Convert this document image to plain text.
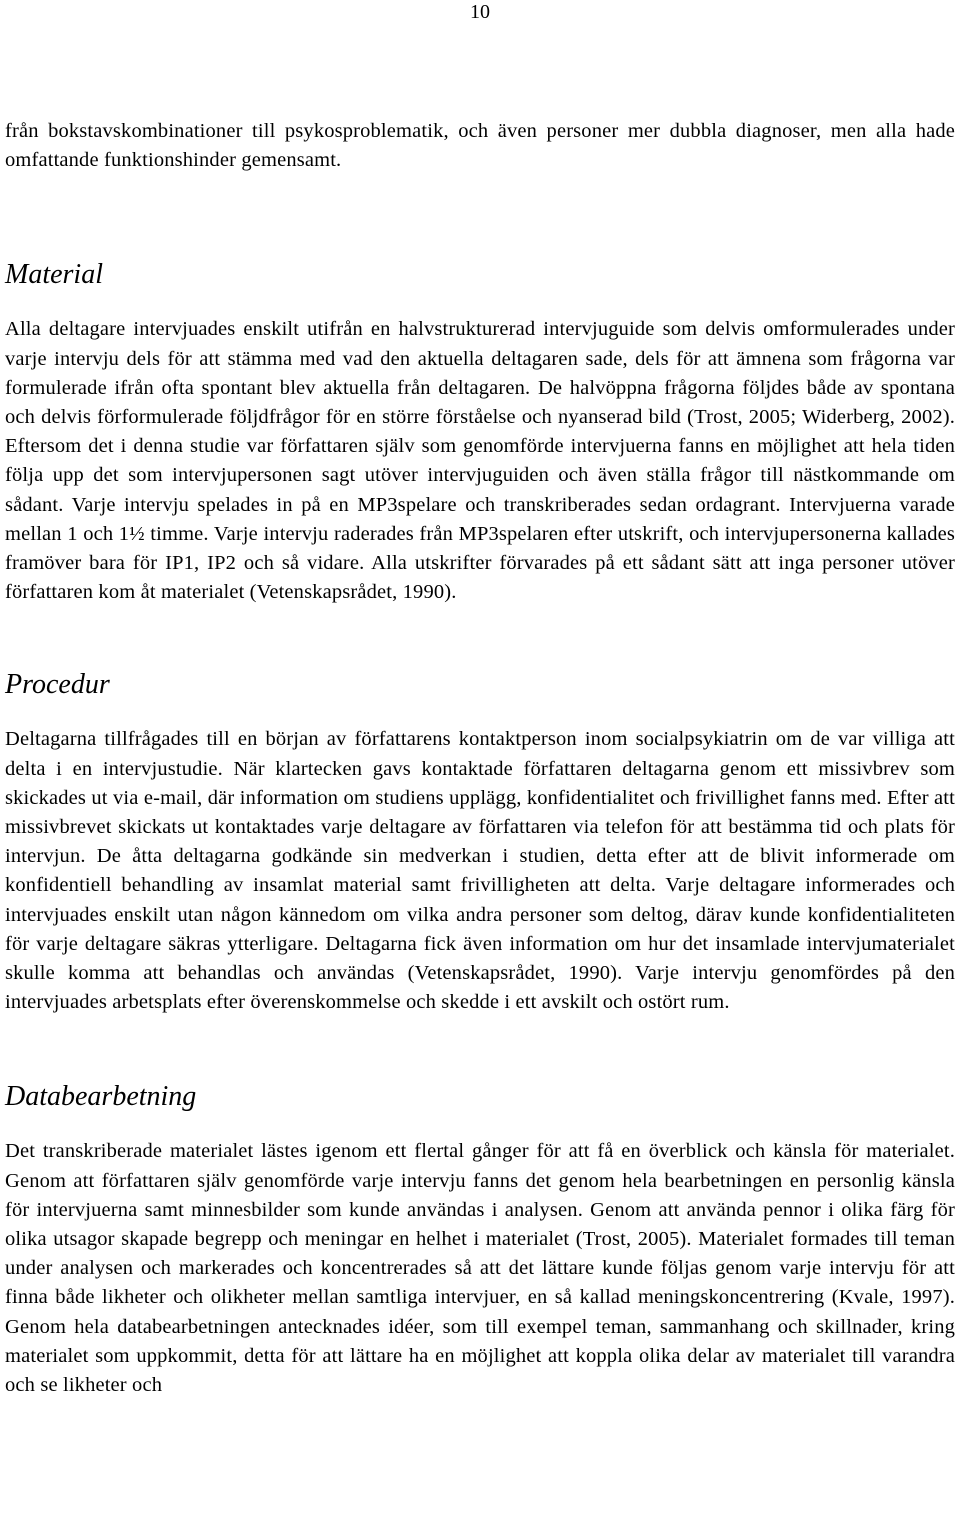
10

från bokstavskombinationer till psykosproblematik, och även personer mer dubbla diagnoser, men alla hade omfattande funktionshinder gemensamt.

Material

Alla deltagare intervjuades enskilt utifrån en halvstrukturerad intervjuguide som delvis omformulerades under varje intervju dels för att stämma med vad den aktuella deltagaren sade, dels för att ämnena som frågorna var formulerade ifrån ofta spontant blev aktuella från deltagaren. De halvöppna frågorna följdes både av spontana och delvis förformulerade följdfrågor för en större förståelse och nyanserad bild (Trost, 2005; Widerberg, 2002). Eftersom det i denna studie var författaren själv som genomförde intervjuerna fanns en möjlighet att hela tiden följa upp det som intervjupersonen sagt utöver intervjuguiden och även ställa frågor till nästkommande om sådant. Varje intervju spelades in på en MP3spelare och transkriberades sedan ordagrant. Intervjuerna varade mellan 1 och 1½ timme. Varje intervju raderades från MP3spelaren efter utskrift, och intervjupersonerna kallades framöver bara för IP1, IP2 och så vidare. Alla utskrifter förvarades på ett sådant sätt att inga personer utöver författaren kom åt materialet (Vetenskapsrådet, 1990).

Procedur

Deltagarna tillfrågades till en början av författarens kontaktperson inom socialpsykiatrin om de var villiga att delta i en intervjustudie. När klartecken gavs kontaktade författaren deltagarna genom ett missivbrev som skickades ut via e-mail, där information om studiens upplägg, konfidentialitet och frivillighet fanns med. Efter att missivbrevet skickats ut kontaktades varje deltagare av författaren via telefon för att bestämma tid och plats för intervjun. De åtta deltagarna godkände sin medverkan i studien, detta efter att de blivit informerade om konfidentiell behandling av insamlat material samt frivilligheten att delta. Varje deltagare informerades och intervjuades enskilt utan någon kännedom om vilka andra personer som deltog, därav kunde konfidentialiteten för varje deltagare säkras ytterligare. Deltagarna fick även information om hur det insamlade intervjumaterialet skulle komma att behandlas och användas (Vetenskapsrådet, 1990). Varje intervju genomfördes på den intervjuades arbetsplats efter överenskommelse och skedde i ett avskilt och ostört rum.

Databearbetning

Det transkriberade materialet lästes igenom ett flertal gånger för att få en överblick och känsla för materialet. Genom att författaren själv genomförde varje intervju fanns det genom hela bearbetningen en personlig känsla för intervjuerna samt minnesbilder som kunde användas i analysen. Genom att använda pennor i olika färg för olika utsagor skapade begrepp och meningar en helhet i materialet (Trost, 2005). Materialet formades till teman under analysen och markerades och koncentrerades så att det lättare kunde följas genom varje intervju för att finna både likheter och olikheter mellan samtliga intervjuer, en så kallad meningskoncentrering (Kvale, 1997). Genom hela databearbetningen antecknades idéer, som till exempel teman, sammanhang och skillnader, kring materialet som uppkommit, detta för att lättare ha en möjlighet att koppla olika delar av materialet till varandra och se likheter och
